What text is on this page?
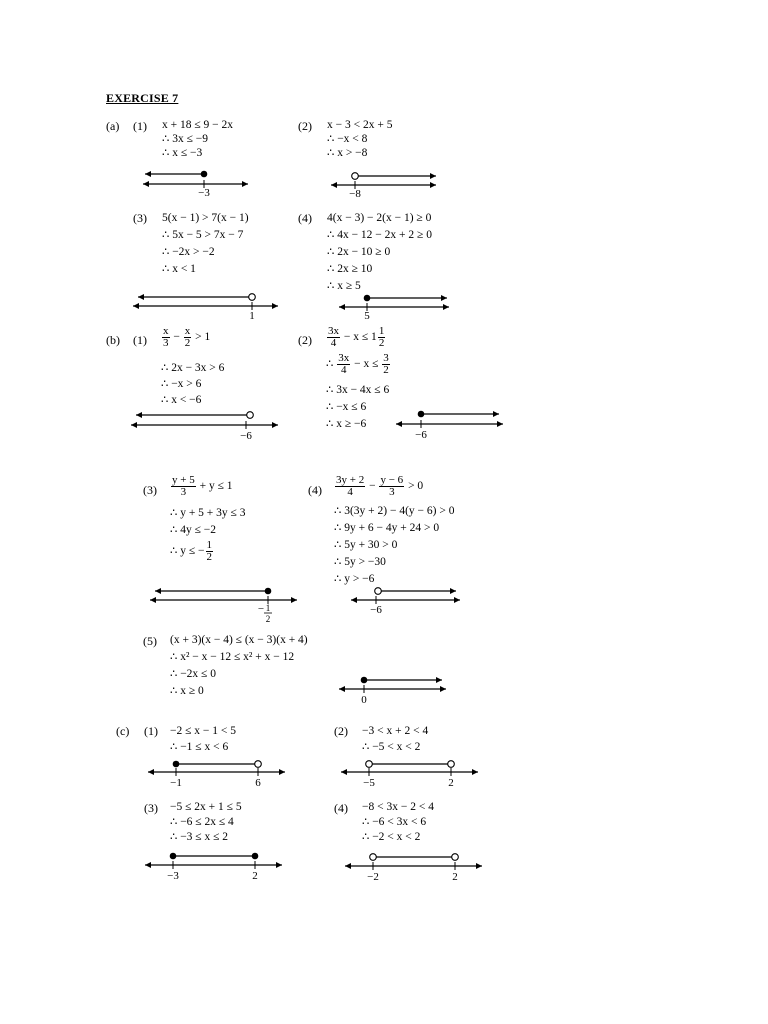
EXERCISE 7
(a) (1) x + 18 ≤ 9 − 2x
∴ 3x ≤ −9
∴ x ≤ −3
−3
(2) x − 3 < 2x + 5
∴ −x < 8
∴ x > −8
−8
(3) 5(x − 1) > 7(x − 1)
∴ 5x − 5 > 7x − 7
∴ −2x > −2
∴ x < 1
1
(4) 4(x − 3) − 2(x − 1) ≥ 0
∴ 4x − 12 − 2x + 2 ≥ 0
∴ 2x − 10 ≥ 0
∴ 2x ≥ 10
∴ x ≥ 5
5
(b) $(1) \frac{x}{3} - \frac{x}{2} > 1$
∴ 2x − 3x > 6
∴ −x > 6
∴ x < −6
−6
$(2) \frac{3x}{4} - x \le 1 \frac{1}{2}$
∴ $\frac{3x}{4} - x \le \frac{3}{2}$
∴ 3x − 4x ≤ 6
∴ −x ≤ 6
∴ x ≥ −6
−6
$(3) \frac{y + 5}{3} + y \le 1$
∴ y + 5 + 3y ≤ 3
∴ 4y ≤ −2
∴ y ≤ − $\frac{1}{2}$
− 1
2
$(4) \frac{3y + 2}{4} - \frac{y - 6}{3} > 0$
∴ 3(3y + 2) − 4(y − 6) > 0
∴ 9y + 6 − 4y + 24 > 0
∴ 5y + 30 > 0
∴ 5y > −30
∴ y > −6
−6
(5) (x + 3)(x − 4) ≤ (x − 3)(x + 4)
∴ x² − x − 12 ≤ x² + x − 12
∴ −2x ≤ 0
∴ x ≥ 0
0
(c) (1) −2 ≤ x − 1 < 5
∴ −1 ≤ x < 6
−1	6
(2) −3 < x + 2 < 4
∴ −5 < x < 2
−5	2
(3) −5 ≤ 2x + 1 ≤ 5
∴ −6 ≤ 2x ≤ 4
∴ −3 ≤ x ≤ 2
−3	2
(4) −8 < 3x − 2 < 4
∴ −6 < 3x < 6
∴ −2 < x < 2
−2	2
